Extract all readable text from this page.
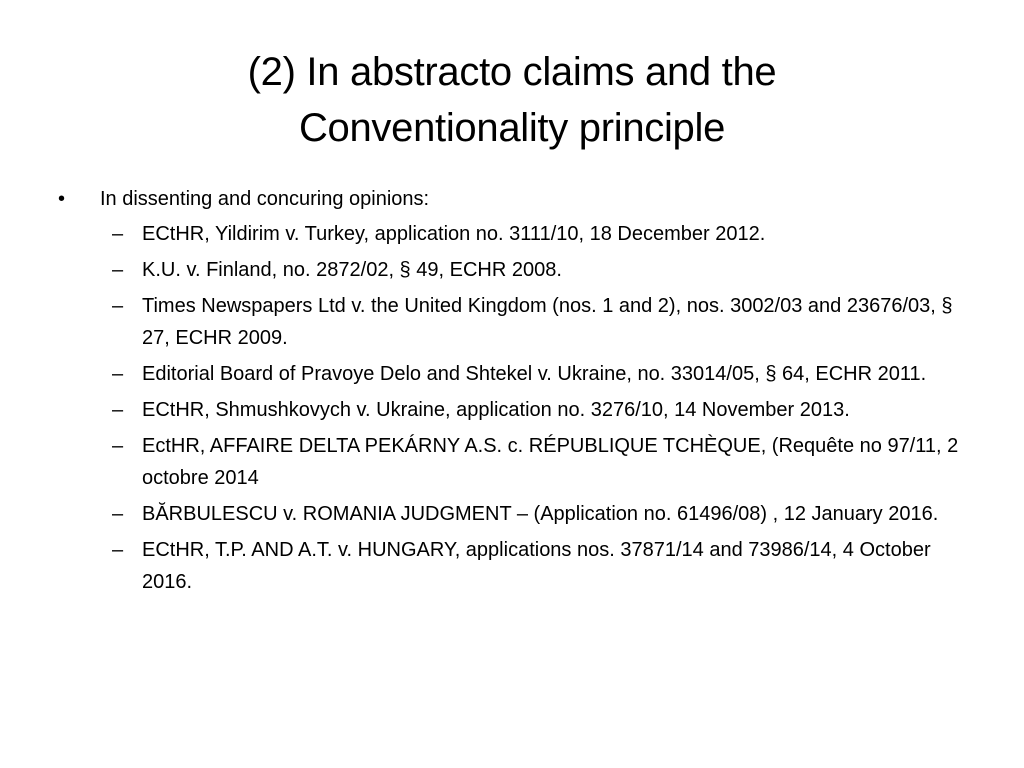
(2) In abstracto claims and the
Conventionality principle
•	In dissenting and concuring opinions:
– ECtHR, Yildirim v. Turkey, application no. 3111/10, 18 December 2012.
– K.U. v. Finland, no. 2872/02, § 49, ECHR 2008.
– Times Newspapers Ltd v. the United Kingdom (nos. 1 and 2), nos. 3002/03 and 23676/03, § 27, ECHR 2009.
– Editorial Board of Pravoye Delo and Shtekel v. Ukraine, no. 33014/05, § 64, ECHR 2011.
– ECtHR, Shmushkovych v. Ukraine, application no. 3276/10, 14 November 2013.
– EctHR, AFFAIRE DELTA PEKÁRNY A.S. c. RÉPUBLIQUE TCHÈQUE, (Requête no 97/11, 2 octobre 2014
– BĂRBULESCU v. ROMANIA JUDGMENT – (Application no. 61496/08) , 12 January 2016.
– ECtHR, T.P. AND A.T. v. HUNGARY, applications nos. 37871/14 and 73986/14, 4 October 2016.
